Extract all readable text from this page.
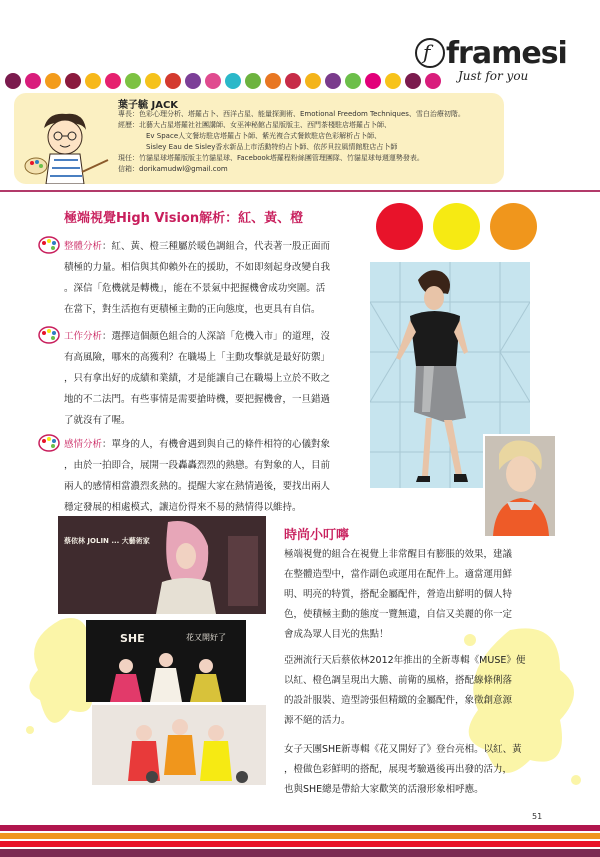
f framesi
Just for you
葉子毓 JACK
專長：色彩心理分析、塔羅占卜、西洋占星、能量探測術、Emotional Freedom Techniques、雪白治療初階。
經歷：北藝大占星塔羅社社團講師、女巫神秘館占星版版主、西門茶棧駐店塔羅占卜師、
Ev Space人文餐坊駐店塔羅占卜師、紫光複合式餐飲駐店色彩解析占卜師、
Sisley Eau de Sisley香水新品上市活動特約占卜師、依莎貝拉風情館駐店占卜師
現任：竹貓星球塔羅版版主竹貓星球、Facebook塔羅程粉絲團管理團隊、竹貓星球每週運勢發表。
信箱：dorikamudwl@gmail.com
極端視覺High Vision解析：紅、黃、橙
整體分析：紅、黃、橙三種屬於暖色調組合，代表著一股正面而
積極的力量。相信與其仰賴外在的援助，不如即刻起身改變自我
。深信「危機就是轉機」，能在不景氣中把握機會成功突圍。活
在當下，對生活抱有更積極主動的正向態度，也更具有自信。
工作分析：選擇這個顏色組合的人深諳「危機入市」的道理，沒
有高風險，哪來的高獲利？在職場上「主動攻擊就是最好防禦」
，只有拿出好的成績和業績，才是能讓自己在職場上立於不敗之
地的不二法門。有些事情是需要搶時機，要把握機會，一旦錯過
了就沒有了喔。
感情分析：單身的人，有機會遇到與自己的條件相符的心儀對象
，由於一拍即合，展開一段轟轟烈烈的熱戀。有對象的人，目前
兩人的感情相當濃烈炙熱的。提醒大家在熱情過後，要找出兩人
穩定發展的相處模式，讓這份得來不易的熱情得以維持。
蔡依林 JOLIN ... 大藝術家
花又開好了
SHE
時尚小叮嚀
極端視覺的組合在視覺上非常醒目有膨脹的效果，建議
在整體造型中，當作副色或運用在配件上。適當運用鮮
明、明亮的特質，搭配金屬配件，營造出鮮明的個人特
色，使積極主動的態度一覽無遺，自信又美麗的你一定
會成為眾人目光的焦點！
亞洲流行天后蔡依林2012年推出的全新專輯《MUSE》便
以紅、橙色調呈現出大膽、前衛的風格，搭配線條俐落
的設計服裝、造型誇張但精緻的金屬配件，象徵創意源
源不絕的活力。
女子天團SHE新專輯《花又開好了》登台亮相。以紅、黃
，橙做色彩鮮明的搭配，展現考驗過後再出發的活力，
也與SHE總是帶給大家歡笑的活潑形象相呼應。
51
